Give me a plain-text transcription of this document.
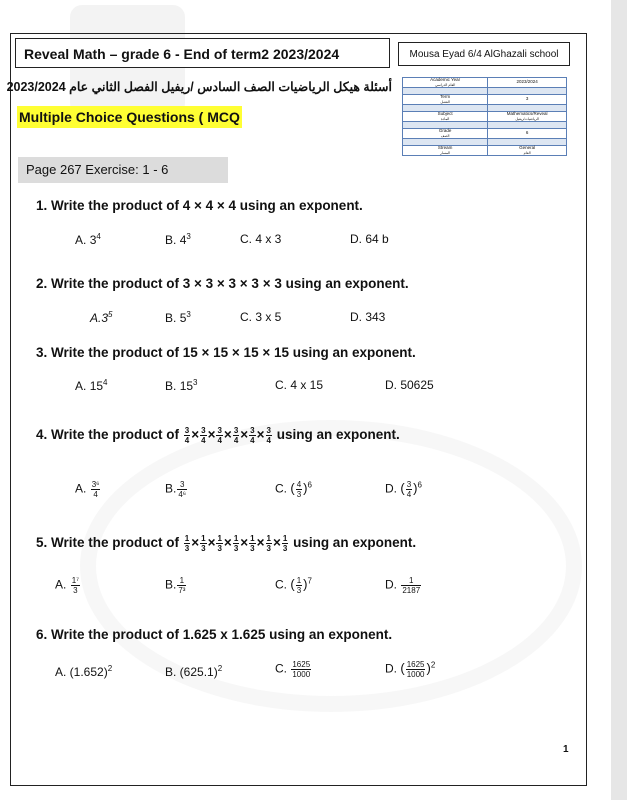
Reveal Math – grade 6 - End of term2 2023/2024	Mousa Eyad 6/4 AlGhazali school
أسئلة هيكل الرياضيات الصف السادس /ريفيل الفصل الثاني عام 2023/2024
Multiple Choice Questions ( MCQ
Page 267 Exercise: 1 - 6
Academic Year
العام الدراسي	2023/2024

Term
الفصل	3

Subject
المادة	Mathematics/Reveal
الرياضيات/ريفيل

Grade
الصف	6

Stream
المسار	General
العام
1. Write the product of 4 × 4 × 4 using an exponent.
A. $3^4$	B. $4^3$	C. 4 x 3	D. 64 b
2. Write the product of 3 × 3 × 3 × 3 × 3 using an exponent.
$A.3^5$	B. $5^3$	C. 3 x 5	D. 343
3. Write the product of 15 × 15 × 15 × 15 using an exponent.
A. $15^4$	B. $15^3$	C. 4 x 15	D. 50625
4. Write the product of $\frac{3}{4} \times \frac{3}{4} \times \frac{3}{4} \times \frac{3}{4} \times \frac{3}{4} \times \frac{3}{4}$ using an exponent.
A. $\frac{\text{3⁶}}{4}$	B. $\frac{3}{\text{4⁶}}$	C. ( $\frac{4}{3} )^6$	D. ( $\frac{3}{4} )^6$
5. Write the product of $\frac{1}{3} \times \frac{1}{3} \times \frac{1}{3} \times \frac{1}{3} \times \frac{1}{3} \times \frac{1}{3} \times \frac{1}{3}$ using an exponent.
A. $\frac{\text{1⁷}}{3}$	B. $\frac{1}{\text{7³}}$	C. ( $\frac{1}{3} )^7$	D. $\frac{1}{2187}$
6. Write the product of 1.625 x 1.625 using an exponent.
A. $(1.652)^2$	B. $(625.1)^2$	C. $\frac{1625}{1000}$	D. ( $\frac{1625}{1000} )^2$
1
